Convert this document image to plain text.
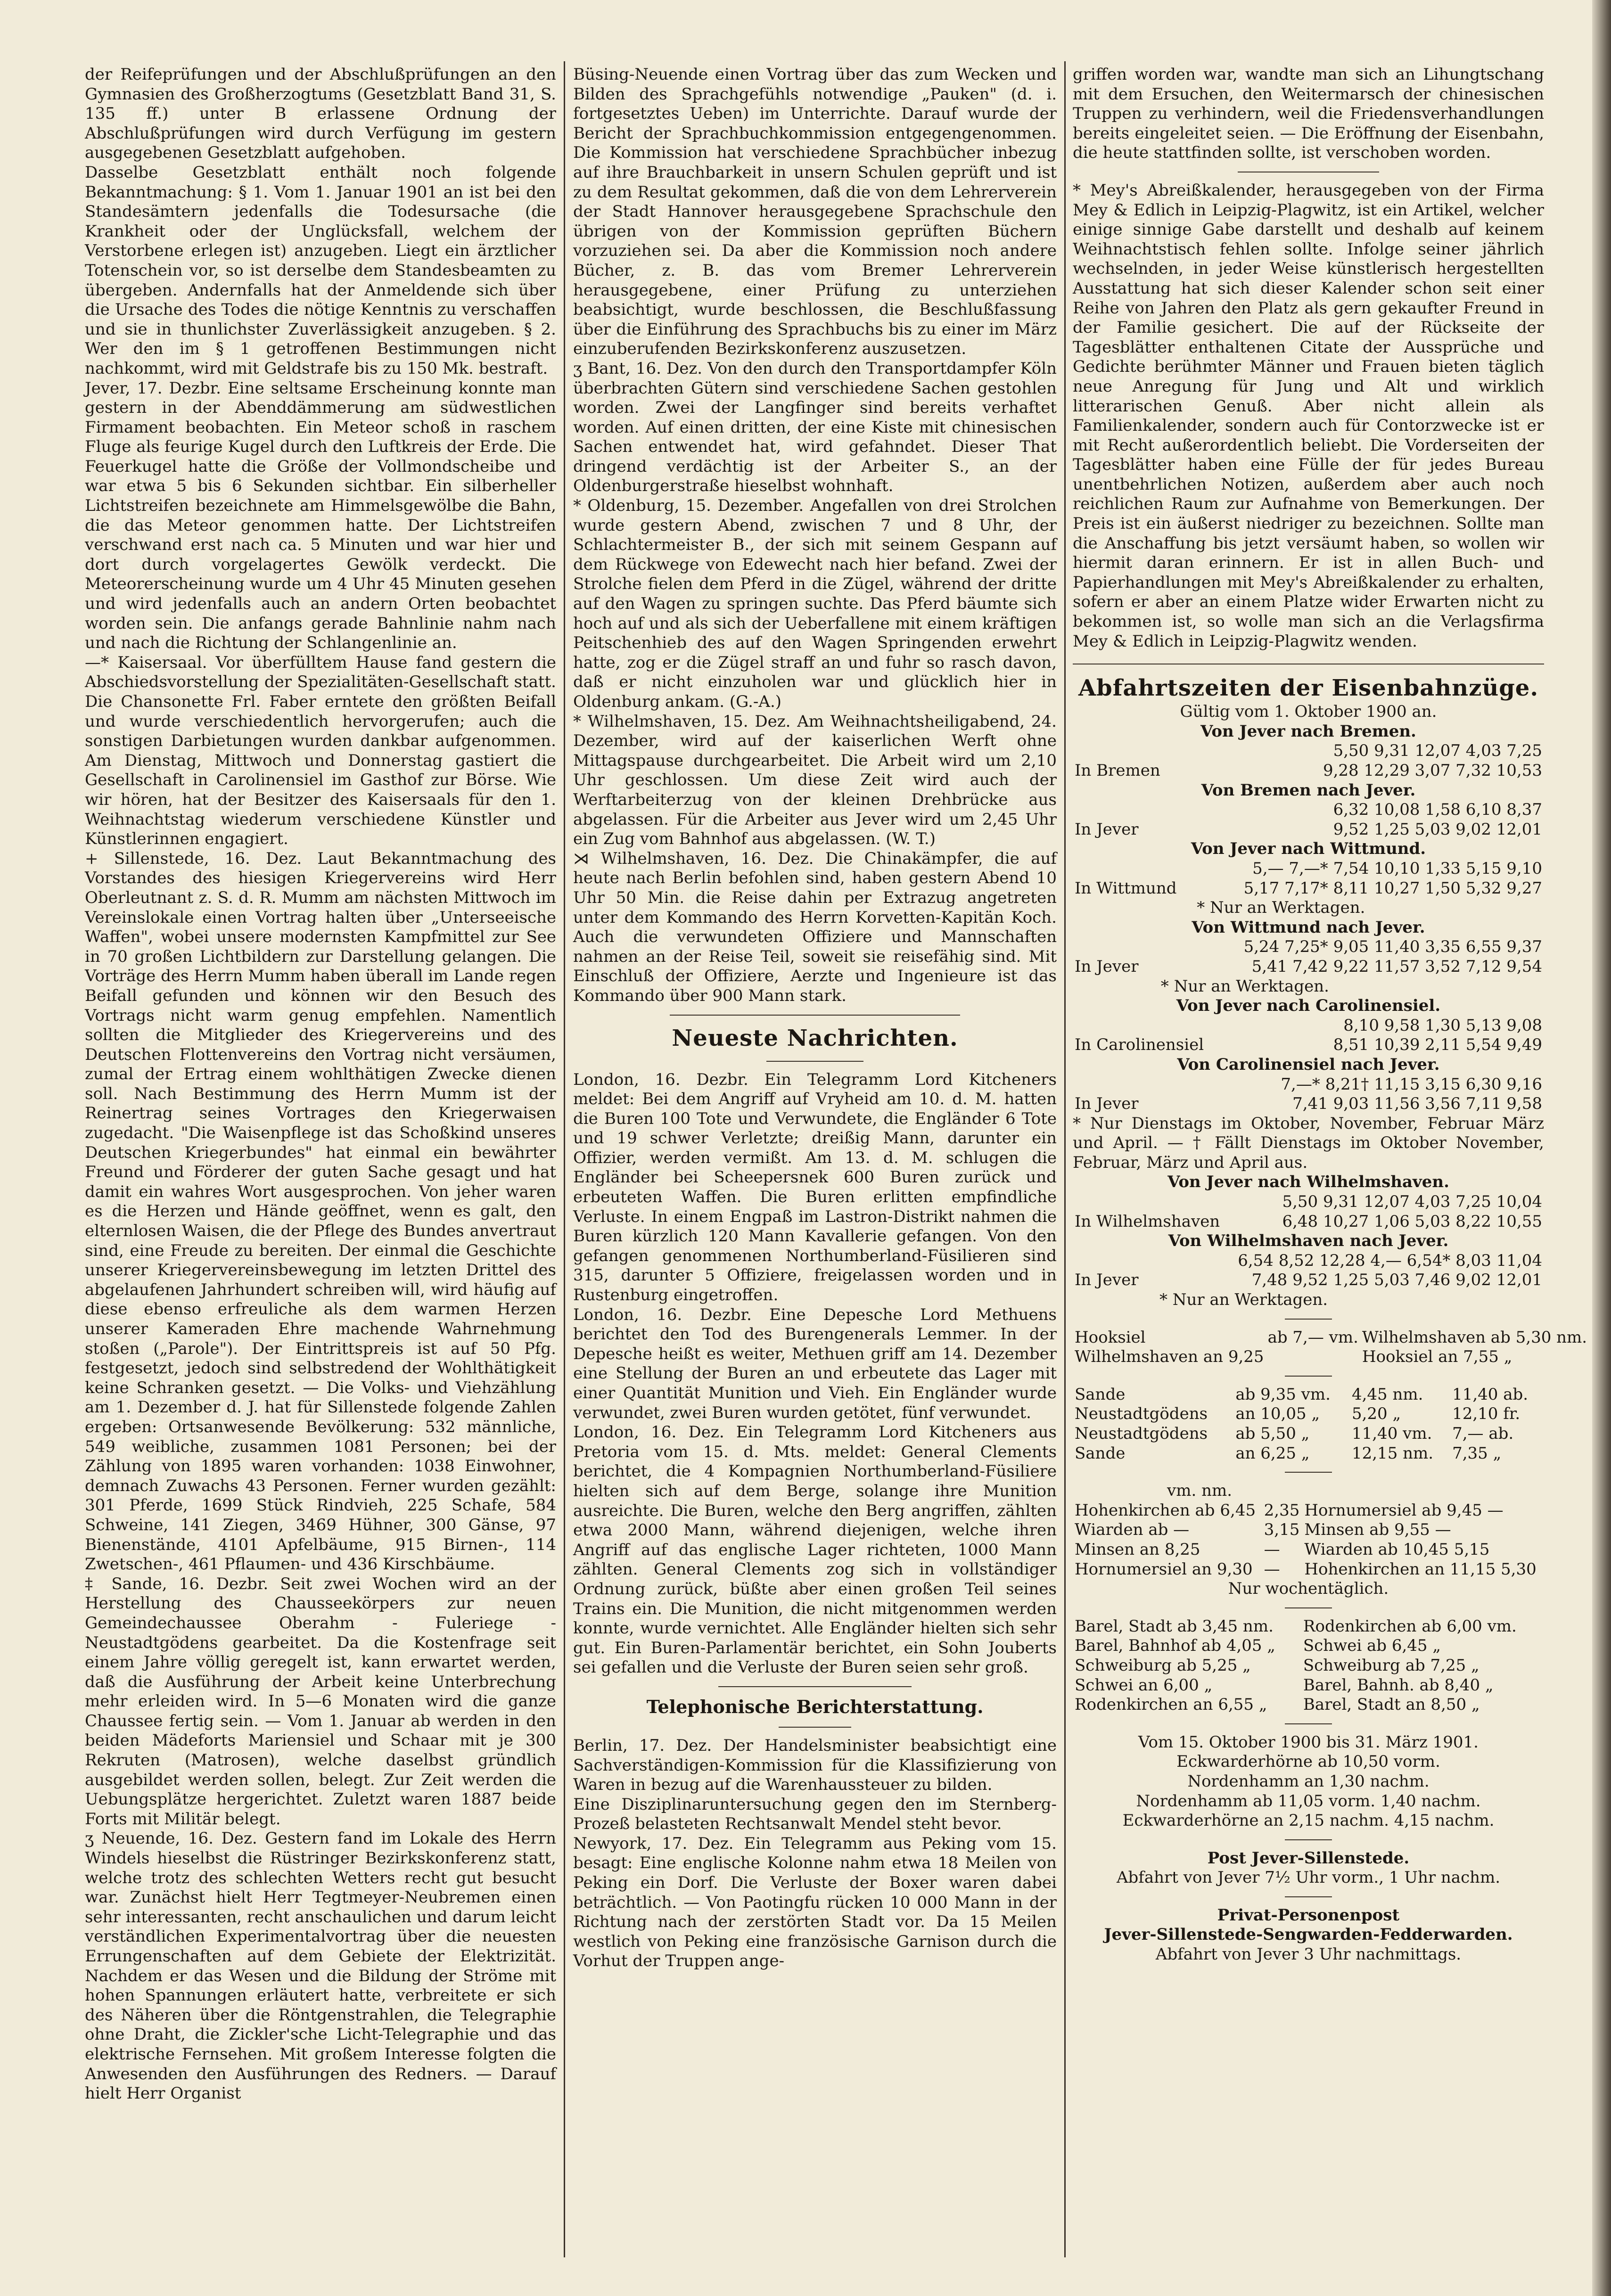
der Reifeprüfungen und der Abschlußprüfungen an den Gymnasien des Großherzogtums (Gesetzblatt Band 31, S. 135 ff.) unter B erlassene Ordnung der Abschlußprüfungen wird durch Verfügung im gestern ausgegebenen Gesetzblatt aufgehoben.

Dasselbe Gesetzblatt enthält noch folgende Bekanntmachung: § 1. Vom 1. Januar 1901 an ist bei den Standesämtern jedenfalls die Todesursache (die Krankheit oder der Unglücksfall, welchem der Verstorbene erlegen ist) anzugeben. Liegt ein ärztlicher Totenschein vor, so ist derselbe dem Standesbeamten zu übergeben. Andernfalls hat der Anmeldende sich über die Ursache des Todes die nötige Kenntnis zu verschaffen und sie in thunlichster Zuverlässigkeit anzugeben. § 2. Wer den im § 1 getroffenen Bestimmungen nicht nachkommt, wird mit Geldstrafe bis zu 150 Mk. bestraft.

Jever, 17. Dezbr. Eine seltsame Erscheinung konnte man gestern in der Abenddämmerung am südwestlichen Firmament beobachten. Ein Meteor schoß in raschem Fluge als feurige Kugel durch den Luftkreis der Erde. Die Feuerkugel hatte die Größe der Vollmondscheibe und war etwa 5 bis 6 Sekunden sichtbar. Ein silberheller Lichtstreifen bezeichnete am Himmelsgewölbe die Bahn, die das Meteor genommen hatte. Der Lichtstreifen verschwand erst nach ca. 5 Minuten und war hier und dort durch vorgelagertes Gewölk verdeckt. Die Meteorerscheinung wurde um 4 Uhr 45 Minuten gesehen und wird jedenfalls auch an andern Orten beobachtet worden sein. Die anfangs gerade Bahnlinie nahm nach und nach die Richtung der Schlangenlinie an.

—* Kaisersaal. Vor überfülltem Hause fand gestern die Abschiedsvorstellung der Spezialitäten-Gesellschaft statt. Die Chansonette Frl. Faber erntete den größten Beifall und wurde verschiedentlich hervorgerufen; auch die sonstigen Darbietungen wurden dankbar aufgenommen. Am Dienstag, Mittwoch und Donnerstag gastiert die Gesellschaft in Carolinensiel im Gasthof zur Börse. Wie wir hören, hat der Besitzer des Kaisersaals für den 1. Weihnachtstag wiederum verschiedene Künstler und Künstlerinnen engagiert.

+ Sillenstede, 16. Dez. Laut Bekanntmachung des Vorstandes des hiesigen Kriegervereins wird Herr Oberleutnant z. S. d. R. Mumm am nächsten Mittwoch im Vereinslokale einen Vortrag halten über „Unterseeische Waffen", wobei unsere modernsten Kampfmittel zur See in 70 großen Lichtbildern zur Darstellung gelangen. Die Vorträge des Herrn Mumm haben überall im Lande regen Beifall gefunden und können wir den Besuch des Vortrags nicht warm genug empfehlen. Namentlich sollten die Mitglieder des Kriegervereins und des Deutschen Flottenvereins den Vortrag nicht versäumen, zumal der Ertrag einem wohlthätigen Zwecke dienen soll. Nach Bestimmung des Herrn Mumm ist der Reinertrag seines Vortrages den Kriegerwaisen zugedacht. "Die Waisenpflege ist das Schoßkind unseres Deutschen Kriegerbundes" hat einmal ein bewährter Freund und Förderer der guten Sache gesagt und hat damit ein wahres Wort ausgesprochen. Von jeher waren es die Herzen und Hände geöffnet, wenn es galt, den elternlosen Waisen, die der Pflege des Bundes anvertraut sind, eine Freude zu bereiten. Der einmal die Geschichte unserer Kriegervereinsbewegung im letzten Drittel des abgelaufenen Jahrhundert schreiben will, wird häufig auf diese ebenso erfreuliche als dem warmen Herzen unserer Kameraden Ehre machende Wahrnehmung stoßen („Parole"). Der Eintrittspreis ist auf 50 Pfg. festgesetzt, jedoch sind selbstredend der Wohlthätigkeit keine Schranken gesetzt. — Die Volks- und Viehzählung am 1. Dezember d. J. hat für Sillenstede folgende Zahlen ergeben: Ortsanwesende Bevölkerung: 532 männliche, 549 weibliche, zusammen 1081 Personen; bei der Zählung von 1895 waren vorhanden: 1038 Einwohner, demnach Zuwachs 43 Personen. Ferner wurden gezählt: 301 Pferde, 1699 Stück Rindvieh, 225 Schafe, 584 Schweine, 141 Ziegen, 3469 Hühner, 300 Gänse, 97 Bienenstände, 4101 Apfelbäume, 915 Birnen-, 114 Zwetschen-, 461 Pflaumen- und 436 Kirschbäume.

‡ Sande, 16. Dezbr. Seit zwei Wochen wird an der Herstellung des Chausseekörpers zur neuen Gemeindechaussee Oberahm - Fuleriege - Neustadtgödens gearbeitet. Da die Kostenfrage seit einem Jahre völlig geregelt ist, kann erwartet werden, daß die Ausführung der Arbeit keine Unterbrechung mehr erleiden wird. In 5—6 Monaten wird die ganze Chaussee fertig sein. — Vom 1. Januar ab werden in den beiden Mädeforts Mariensiel und Schaar mit je 300 Rekruten (Matrosen), welche daselbst gründlich ausgebildet werden sollen, belegt. Zur Zeit werden die Uebungsplätze hergerichtet. Zuletzt waren 1887 beide Forts mit Militär belegt.

ʒ Neuende, 16. Dez. Gestern fand im Lokale des Herrn Windels hieselbst die Rüstringer Bezirkskonferenz statt, welche trotz des schlechten Wetters recht gut besucht war. Zunächst hielt Herr Tegtmeyer-Neubremen einen sehr interessanten, recht anschaulichen und darum leicht verständlichen Experimentalvortrag über die neuesten Errungenschaften auf dem Gebiete der Elektrizität. Nachdem er das Wesen und die Bildung der Ströme mit hohen Spannungen erläutert hatte, verbreitete er sich des Näheren über die Röntgenstrahlen, die Telegraphie ohne Draht, die Zickler'sche Licht-Telegraphie und das elektrische Fernsehen. Mit großem Interesse folgten die Anwesenden den Ausführungen des Redners. — Darauf hielt Herr Organist

Büsing-Neuende einen Vortrag über das zum Wecken und Bilden des Sprachgefühls notwendige „Pauken" (d. i. fortgesetztes Ueben) im Unterrichte. Darauf wurde der Bericht der Sprachbuchkommission entgegengenommen. Die Kommission hat verschiedene Sprachbücher inbezug auf ihre Brauchbarkeit in unsern Schulen geprüft und ist zu dem Resultat gekommen, daß die von dem Lehrerverein der Stadt Hannover herausgegebene Sprachschule den übrigen von der Kommission geprüften Büchern vorzuziehen sei. Da aber die Kommission noch andere Bücher, z. B. das vom Bremer Lehrerverein herausgegebene, einer Prüfung zu unterziehen beabsichtigt, wurde beschlossen, die Beschlußfassung über die Einführung des Sprachbuchs bis zu einer im März einzuberufenden Bezirkskonferenz auszusetzen.

ʒ Bant, 16. Dez. Von den durch den Transportdampfer Köln überbrachten Gütern sind verschiedene Sachen gestohlen worden. Zwei der Langfinger sind bereits verhaftet worden. Auf einen dritten, der eine Kiste mit chinesischen Sachen entwendet hat, wird gefahndet. Dieser That dringend verdächtig ist der Arbeiter S., an der Oldenburgerstraße hieselbst wohnhaft.

* Oldenburg, 15. Dezember. Angefallen von drei Strolchen wurde gestern Abend, zwischen 7 und 8 Uhr, der Schlachtermeister B., der sich mit seinem Gespann auf dem Rückwege von Edewecht nach hier befand. Zwei der Strolche fielen dem Pferd in die Zügel, während der dritte auf den Wagen zu springen suchte. Das Pferd bäumte sich hoch auf und als sich der Ueberfallene mit einem kräftigen Peitschenhieb des auf den Wagen Springenden erwehrt hatte, zog er die Zügel straff an und fuhr so rasch davon, daß er nicht einzuholen war und glücklich hier in Oldenburg ankam. (G.-A.)

* Wilhelmshaven, 15. Dez. Am Weihnachtsheiligabend, 24. Dezember, wird auf der kaiserlichen Werft ohne Mittagspause durchgearbeitet. Die Arbeit wird um 2,10 Uhr geschlossen. Um diese Zeit wird auch der Werftarbeiterzug von der kleinen Drehbrücke aus abgelassen. Für die Arbeiter aus Jever wird um 2,45 Uhr ein Zug vom Bahnhof aus abgelassen. (W. T.)

⋊ Wilhelmshaven, 16. Dez. Die Chinakämpfer, die auf heute nach Berlin befohlen sind, haben gestern Abend 10 Uhr 50 Min. die Reise dahin per Extrazug angetreten unter dem Kommando des Herrn Korvetten-Kapitän Koch. Auch die verwundeten Offiziere und Mannschaften nahmen an der Reise Teil, soweit sie reisefähig sind. Mit Einschluß der Offiziere, Aerzte und Ingenieure ist das Kommando über 900 Mann stark.

Neueste Nachrichten.

London, 16. Dezbr. Ein Telegramm Lord Kitcheners meldet: Bei dem Angriff auf Vryheid am 10. d. M. hatten die Buren 100 Tote und Verwundete, die Engländer 6 Tote und 19 schwer Verletzte; dreißig Mann, darunter ein Offizier, werden vermißt. Am 13. d. M. schlugen die Engländer bei Scheepersnek 600 Buren zurück und erbeuteten Waffen. Die Buren erlitten empfindliche Verluste. In einem Engpaß im Lastron-Distrikt nahmen die Buren kürzlich 120 Mann Kavallerie gefangen. Von den gefangen genommenen Northumberland-Füsilieren sind 315, darunter 5 Offiziere, freigelassen worden und in Rustenburg eingetroffen.

London, 16. Dezbr. Eine Depesche Lord Methuens berichtet den Tod des Burengenerals Lemmer. In der Depesche heißt es weiter, Methuen griff am 14. Dezember eine Stellung der Buren an und erbeutete das Lager mit einer Quantität Munition und Vieh. Ein Engländer wurde verwundet, zwei Buren wurden getötet, fünf verwundet.

London, 16. Dez. Ein Telegramm Lord Kitcheners aus Pretoria vom 15. d. Mts. meldet: General Clements berichtet, die 4 Kompagnien Northumberland-Füsiliere hielten sich auf dem Berge, solange ihre Munition ausreichte. Die Buren, welche den Berg angriffen, zählten etwa 2000 Mann, während diejenigen, welche ihren Angriff auf das englische Lager richteten, 1000 Mann zählten. General Clements zog sich in vollständiger Ordnung zurück, büßte aber einen großen Teil seines Trains ein. Die Munition, die nicht mitgenommen werden konnte, wurde vernichtet. Alle Engländer hielten sich sehr gut. Ein Buren-Parlamentär berichtet, ein Sohn Jouberts sei gefallen und die Verluste der Buren seien sehr groß.

Telephonische Berichterstattung.

Berlin, 17. Dez. Der Handelsminister beabsichtigt eine Sachverständigen-Kommission für die Klassifizierung von Waren in bezug auf die Warenhaussteuer zu bilden.

Eine Disziplinaruntersuchung gegen den im Sternberg-Prozeß belasteten Rechtsanwalt Mendel steht bevor.

Newyork, 17. Dez. Ein Telegramm aus Peking vom 15. besagt: Eine englische Kolonne nahm etwa 18 Meilen von Peking ein Dorf. Die Verluste der Boxer waren dabei beträchtlich. — Von Paotingfu rücken 10 000 Mann in der Richtung nach der zerstörten Stadt vor. Da 15 Meilen westlich von Peking eine französische Garnison durch die Vorhut der Truppen ange-

griffen worden war, wandte man sich an Lihungtschang mit dem Ersuchen, den Weitermarsch der chinesischen Truppen zu verhindern, weil die Friedensverhandlungen bereits eingeleitet seien. — Die Eröffnung der Eisenbahn, die heute stattfinden sollte, ist verschoben worden.

* Mey's Abreißkalender, herausgegeben von der Firma Mey & Edlich in Leipzig-Plagwitz, ist ein Artikel, welcher einige sinnige Gabe darstellt und deshalb auf keinem Weihnachtstisch fehlen sollte. Infolge seiner jährlich wechselnden, in jeder Weise künstlerisch hergestellten Ausstattung hat sich dieser Kalender schon seit einer Reihe von Jahren den Platz als gern gekaufter Freund in der Familie gesichert. Die auf der Rückseite der Tagesblätter enthaltenen Citate der Aussprüche und Gedichte berühmter Männer und Frauen bieten täglich neue Anregung für Jung und Alt und wirklich litterarischen Genuß. Aber nicht allein als Familienkalender, sondern auch für Contorzwecke ist er mit Recht außerordentlich beliebt. Die Vorderseiten der Tagesblätter haben eine Fülle der für jedes Bureau unentbehrlichen Notizen, außerdem aber auch noch reichlichen Raum zur Aufnahme von Bemerkungen. Der Preis ist ein äußerst niedriger zu bezeichnen. Sollte man die Anschaffung bis jetzt versäumt haben, so wollen wir hiermit daran erinnern. Er ist in allen Buch- und Papierhandlungen mit Mey's Abreißkalender zu erhalten, sofern er aber an einem Platze wider Erwarten nicht zu bekommen ist, so wolle man sich an die Verlagsfirma Mey & Edlich in Leipzig-Plagwitz wenden.

Abfahrtszeiten der Eisenbahnzüge.
Gültig vom 1. Oktober 1900 an.
Von Jever nach Bremen.
	5,50 9,31 12,07 4,03 7,25
In Bremen	9,28 12,29 3,07 7,32 10,53
Von Bremen nach Jever.
	6,32 10,08 1,58 6,10 8,37
In Jever	9,52 1,25 5,03 9,02 12,01
Von Jever nach Wittmund.
	5,— 7,—* 7,54 10,10 1,33 5,15 9,10
In Wittmund	5,17 7,17* 8,11 10,27 1,50 5,32 9,27
	* Nur an Werktagen.
Von Wittmund nach Jever.
	5,24 7,25* 9,05 11,40 3,35 6,55 9,37
In Jever	5,41 7,42 9,22 11,57 3,52 7,12 9,54
	* Nur an Werktagen.
Von Jever nach Carolinensiel.
	8,10 9,58 1,30 5,13 9,08
In Carolinensiel	8,51 10,39 2,11 5,54 9,49
Von Carolinensiel nach Jever.
	7,—* 8,21† 11,15 3,15 6,30 9,16
In Jever	7,41 9,03 11,56 3,56 7,11 9,58
* Nur Dienstags im Oktober, November, Februar März und April. — † Fällt Dienstags im Oktober November, Februar, März und April aus.
Von Jever nach Wilhelmshaven.
	5,50 9,31 12,07 4,03 7,25 10,04
In Wilhelmshaven	6,48 10,27 1,06 5,03 8,22 10,55
Von Wilhelmshaven nach Jever.
	6,54 8,52 12,28 4,— 6,54* 8,03 11,04
In Jever	7,48 9,52 1,25 5,03 7,46 9,02 12,01
	* Nur an Werktagen.
Hooksiel	ab 7,— vm.	Wilhelmshaven ab 5,30 nm.
Wilhelmshaven an 9,25		Hooksiel an 7,55 „
Sande	ab 9,35 vm.	4,45 nm.	11,40 ab.
Neustadtgödens	an 10,05 „	5,20 „	12,10 fr.
Neustadtgödens	ab 5,50 „	11,40 vm.	7,— ab.
Sande	an 6,25 „	12,15 nm.	7,35 „
vm. nm.
Hohenkirchen ab 6,45	2,35	Hornumersiel ab 9,45 —
Wiarden ab —	3,15	Minsen ab 9,55 —
Minsen an 8,25	—	Wiarden ab 10,45 5,15
Hornumersiel an 9,30	—	Hohenkirchen an 11,15 5,30
Nur wochentäglich.
Barel, Stadt ab 3,45 nm.	Rodenkirchen ab 6,00 vm.
Barel, Bahnhof ab 4,05 „	Schwei ab 6,45 „
Schweiburg ab 5,25 „	Schweiburg ab 7,25 „
Schwei an 6,00 „	Barel, Bahnh. ab 8,40 „
Rodenkirchen an 6,55 „	Barel, Stadt an 8,50 „
Vom 15. Oktober 1900 bis 31. März 1901.
Eckwarderhörne ab 10,50 vorm.
Nordenhamm an 1,30 nachm.
Nordenhamm ab 11,05 vorm. 1,40 nachm.
Eckwarderhörne an 2,15 nachm. 4,15 nachm.
Post Jever-Sillenstede.
Abfahrt von Jever 7½ Uhr vorm., 1 Uhr nachm.
Privat-Personenpost
Jever-Sillenstede-Sengwarden-Fedderwarden.
Abfahrt von Jever 3 Uhr nachmittags.
